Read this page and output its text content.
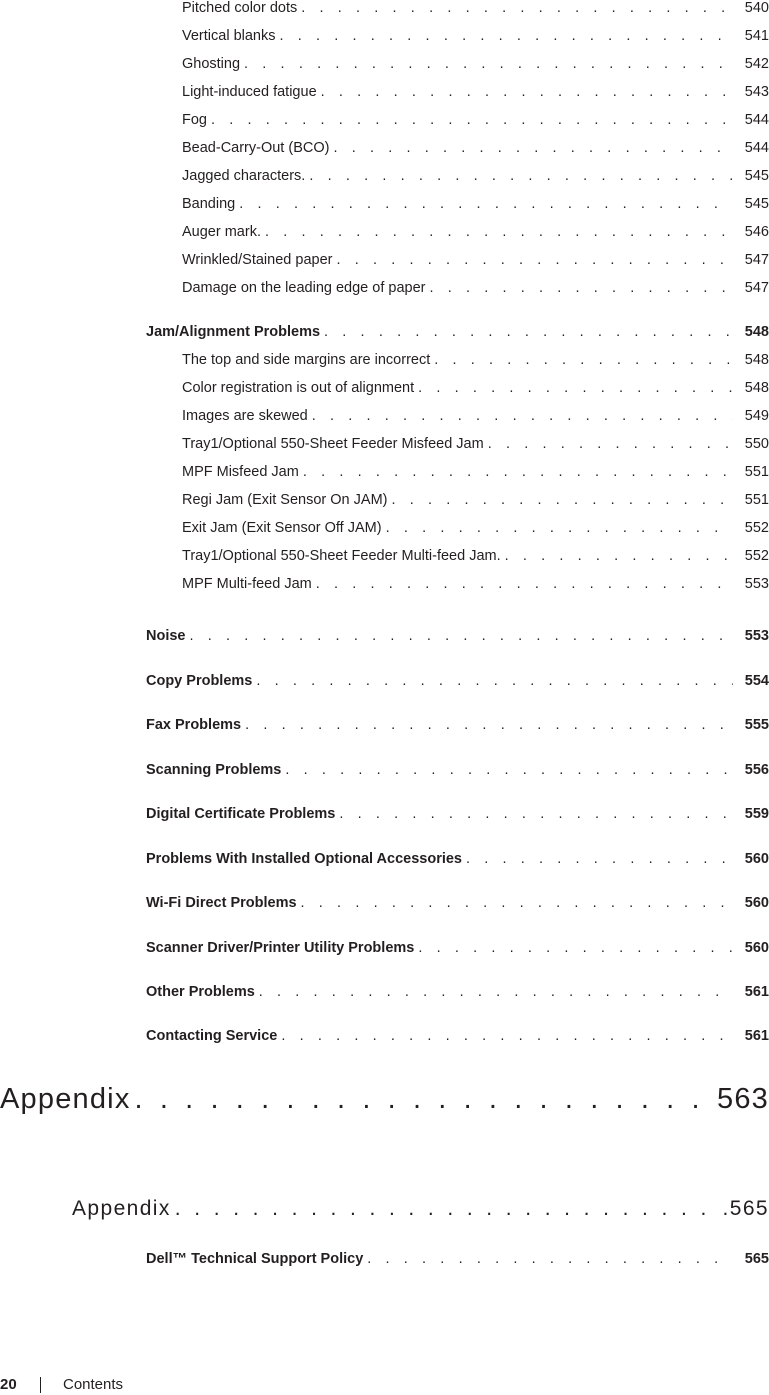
Pitched color dots . . .	540
Vertical blanks . . .	541
Ghosting . . .	542
Light-induced fatigue . . .	543
Fog . . .	544
Bead-Carry-Out (BCO) . . .	544
Jagged characters. . . .	545
Banding . . .	545
Auger mark. . . .	546
Wrinkled/Stained paper . . .	547
Damage on the leading edge of paper . . .	547
Jam/Alignment Problems . . .	548
The top and side margins are incorrect . . .	548
Color registration is out of alignment . . .	548
Images are skewed . . .	549
Tray1/Optional 550-Sheet Feeder Misfeed Jam . . .	550
MPF Misfeed Jam . . .	551
Regi Jam (Exit Sensor On JAM) . . .	551
Exit Jam (Exit Sensor Off JAM) . . .	552
Tray1/Optional 550-Sheet Feeder Multi-feed Jam. . . .	552
MPF Multi-feed Jam . . .	553
Noise . . .	553
Copy Problems . . .	554
Fax Problems . . .	555
Scanning Problems . . .	556
Digital Certificate Problems . . .	559
Problems With Installed Optional Accessories . . .	560
Wi-Fi Direct Problems . . .	560
Scanner Driver/Printer Utility Problems . . .	560
Other Problems . . .	561
Contacting Service . . .	561
Appendix . . .	563
Appendix . . .	.565
Dell™ Technical Support Policy . . .	565
20	Contents
